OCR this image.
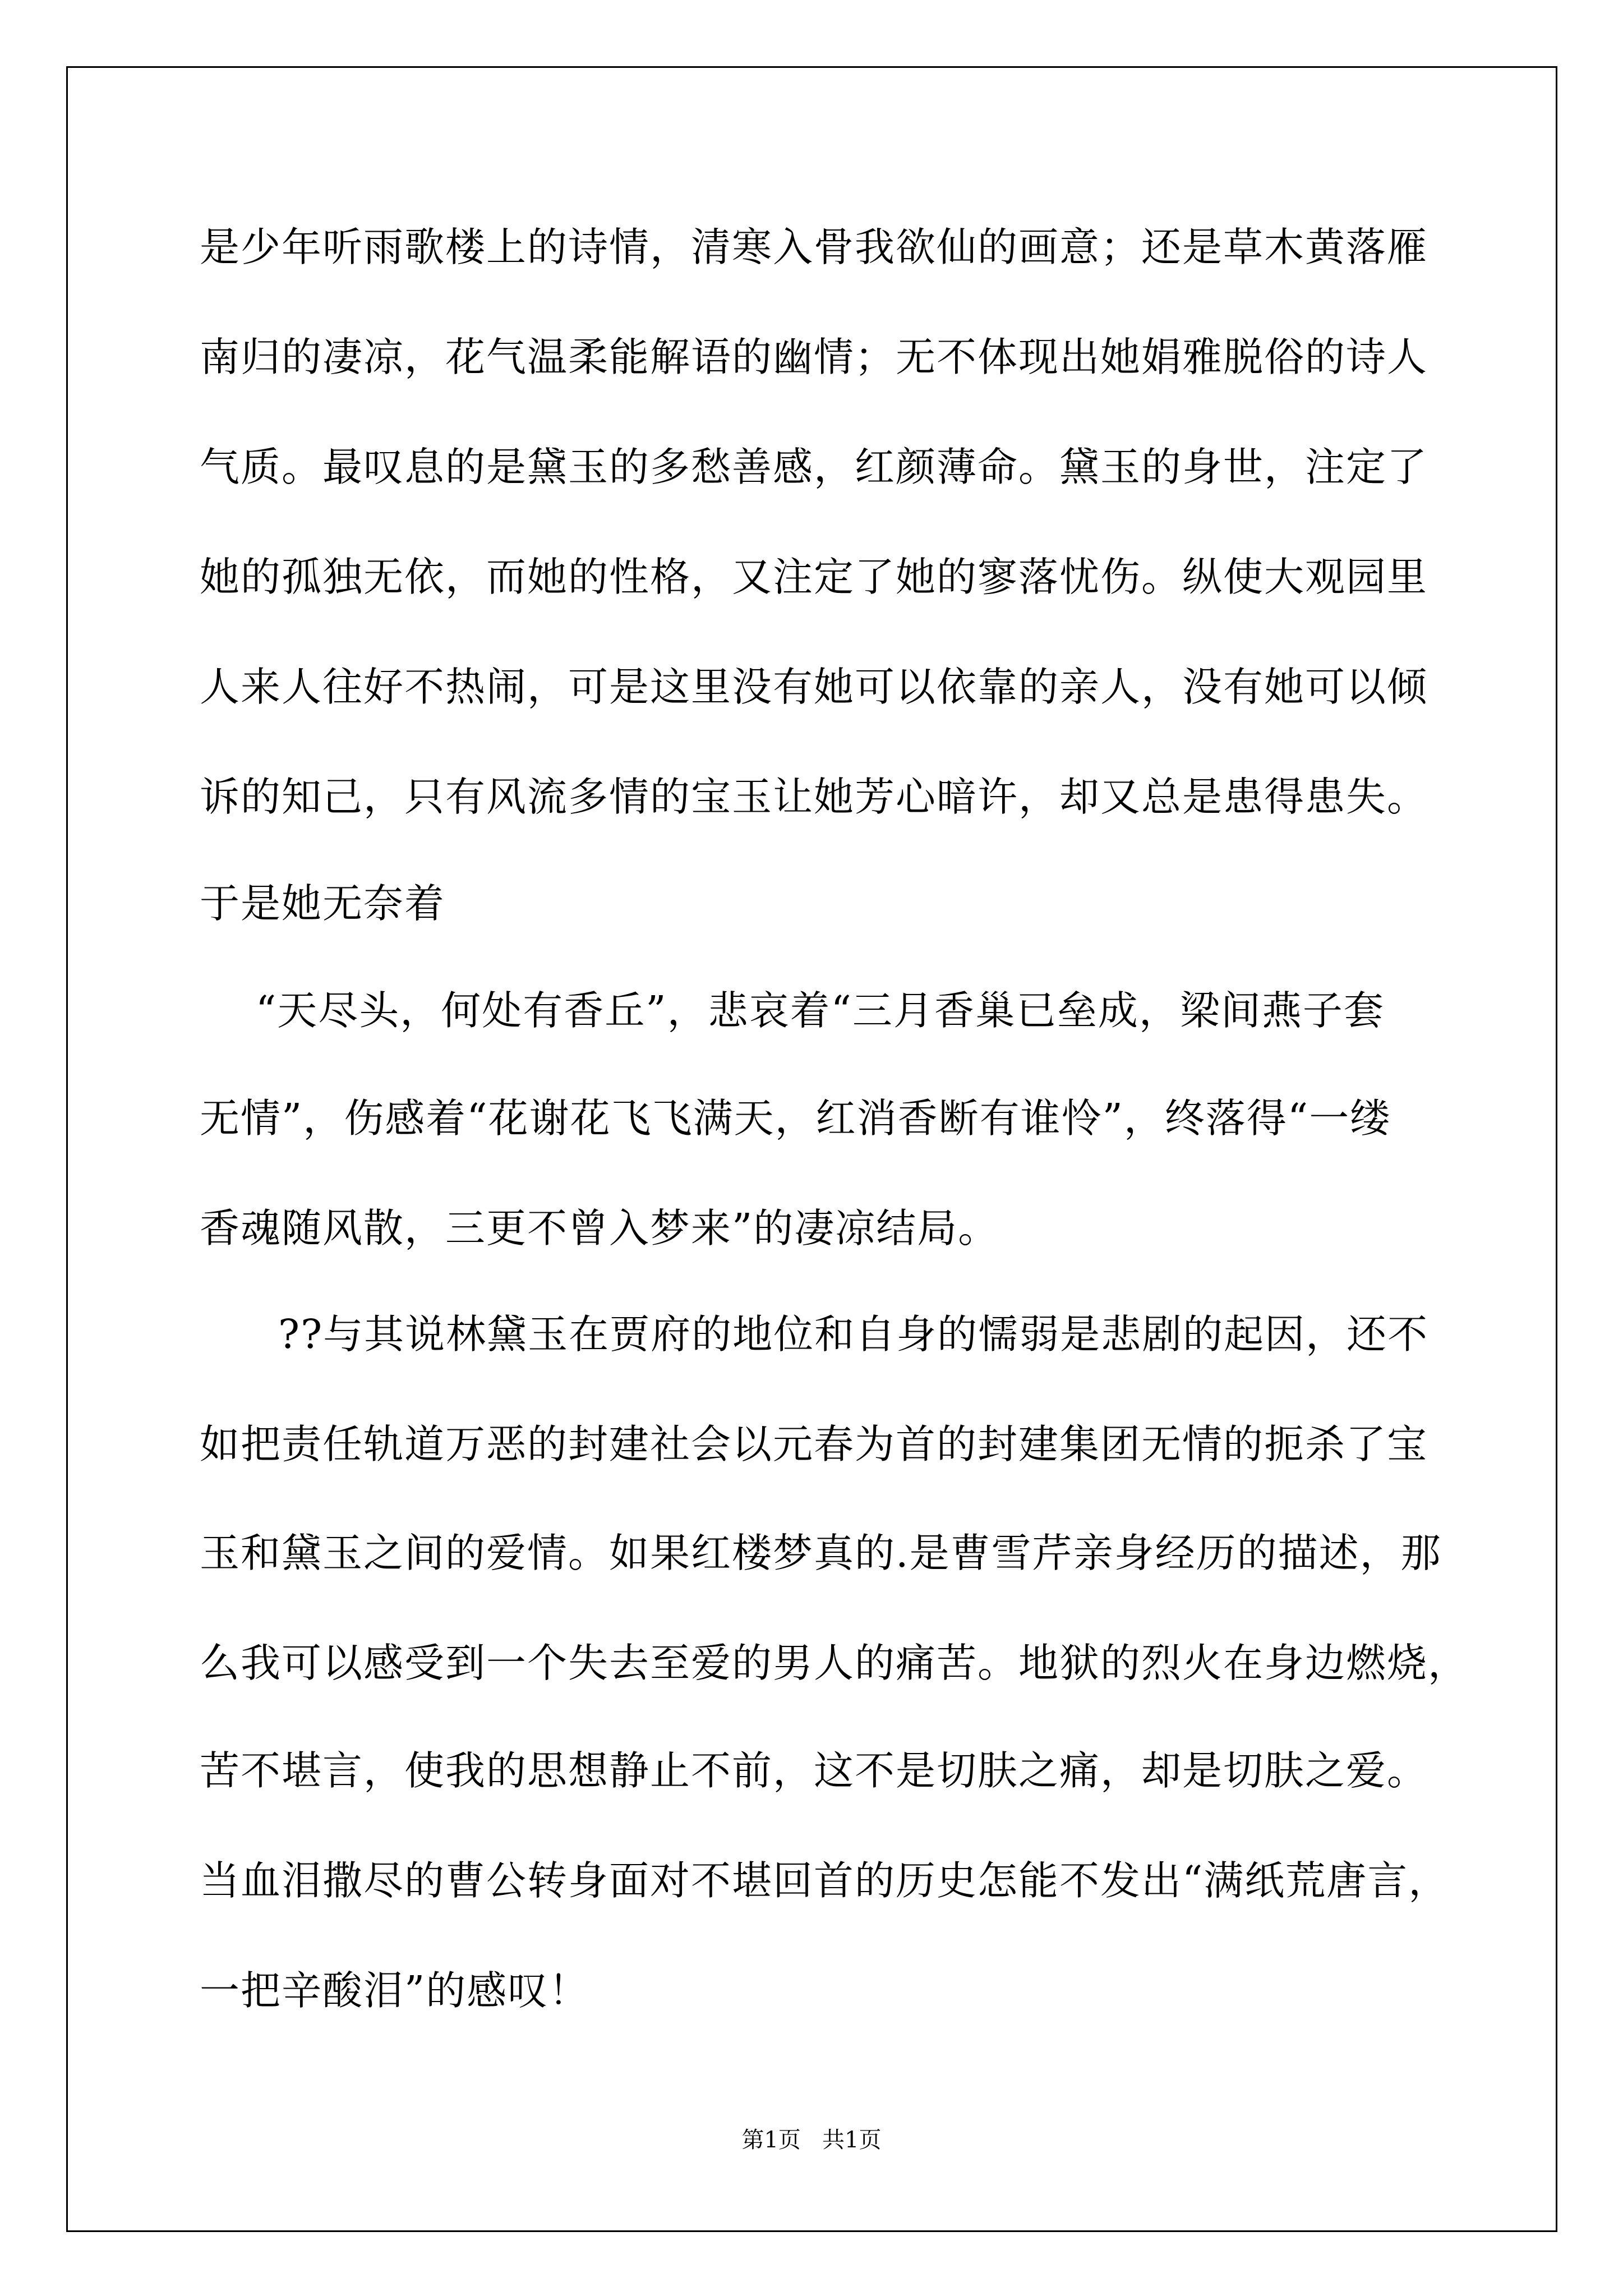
是少年听雨歌楼上的诗情，清寒入骨我欲仙的画意；还是草木黄落雁
南归的凄凉，花气温柔能解语的幽情；无不体现出她娟雅脱俗的诗人
气质。最叹息的是黛玉的多愁善感，红颜薄命。黛玉的身世，注定了
她的孤独无依，而她的性格，又注定了她的寥落忧伤。纵使大观园里
人来人往好不热闹，可是这里没有她可以依靠的亲人，没有她可以倾
诉的知己，只有风流多情的宝玉让她芳心暗许，却又总是患得患失。
于是她无奈着
“天尽头，何处有香丘”，悲哀着“三月香巢已垒成，梁间燕子套
无情”，伤感着“花谢花飞飞满天，红消香断有谁怜”，终落得“一缕
香魂随风散，三更不曾入梦来”的凄凉结局。
??与其说林黛玉在贾府的地位和自身的懦弱是悲剧的起因，还不
如把责任轨道万恶的封建社会以元春为首的封建集团无情的扼杀了宝
玉和黛玉之间的爱情。如果红楼梦真的.是曹雪芹亲身经历的描述，那
么我可以感受到一个失去至爱的男人的痛苦。地狱的烈火在身边燃烧，
苦不堪言，使我的思想静止不前，这不是切肤之痛，却是切肤之爱。
当血泪撒尽的曹公转身面对不堪回首的历史怎能不发出“满纸荒唐言，
一把辛酸泪”的感叹！
第1页   共1页
